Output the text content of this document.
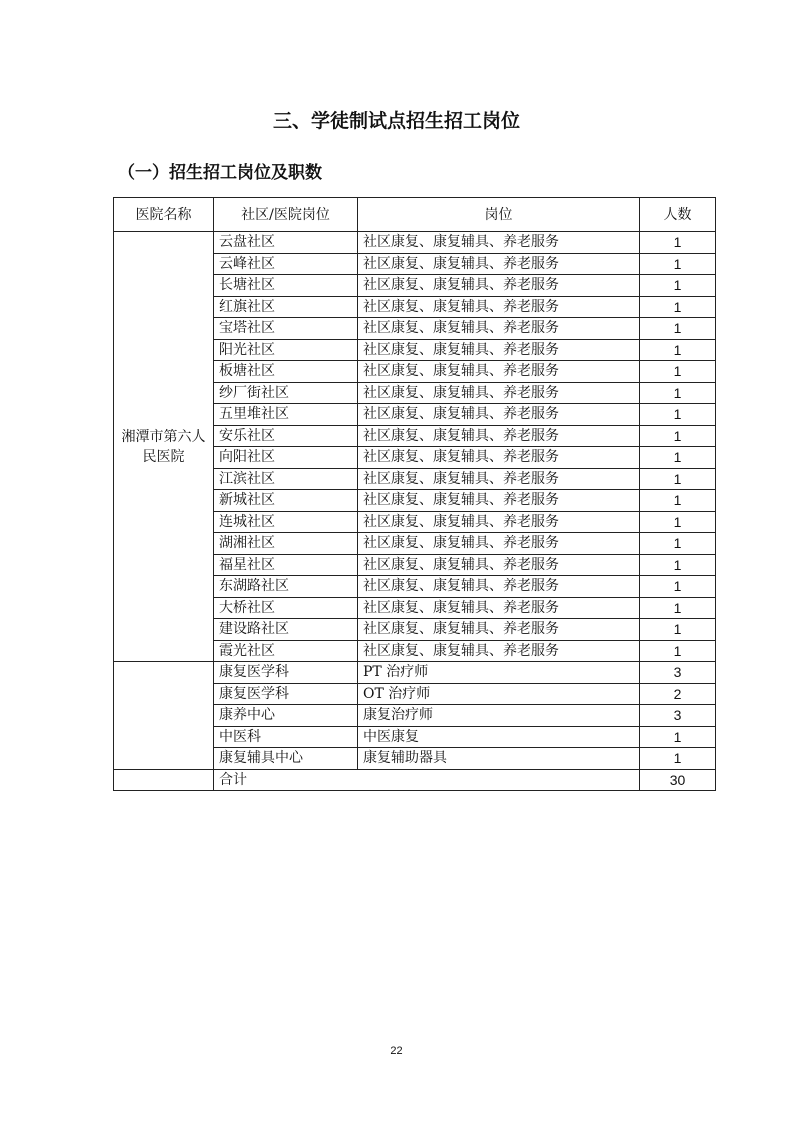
三、学徒制试点招生招工岗位
（一）招生招工岗位及职数
医院名称	社区/医院岗位	岗位	人数
湘潭市第六人民医院	云盘社区	社区康复、康复辅具、养老服务	1
	云峰社区	社区康复、康复辅具、养老服务	1
	长塘社区	社区康复、康复辅具、养老服务	1
	红旗社区	社区康复、康复辅具、养老服务	1
	宝塔社区	社区康复、康复辅具、养老服务	1
	阳光社区	社区康复、康复辅具、养老服务	1
	板塘社区	社区康复、康复辅具、养老服务	1
	纱厂街社区	社区康复、康复辅具、养老服务	1
	五里堆社区	社区康复、康复辅具、养老服务	1
	安乐社区	社区康复、康复辅具、养老服务	1
	向阳社区	社区康复、康复辅具、养老服务	1
	江滨社区	社区康复、康复辅具、养老服务	1
	新城社区	社区康复、康复辅具、养老服务	1
	连城社区	社区康复、康复辅具、养老服务	1
	湖湘社区	社区康复、康复辅具、养老服务	1
	福星社区	社区康复、康复辅具、养老服务	1
	东湖路社区	社区康复、康复辅具、养老服务	1
	大桥社区	社区康复、康复辅具、养老服务	1
	建设路社区	社区康复、康复辅具、养老服务	1
	霞光社区	社区康复、康复辅具、养老服务	1
	康复医学科	PT 治疗师	3
	康复医学科	OT 治疗师	2
	康养中心	康复治疗师	3
	中医科	中医康复	1
	康复辅具中心	康复辅助器具	1
	合计		30
22
